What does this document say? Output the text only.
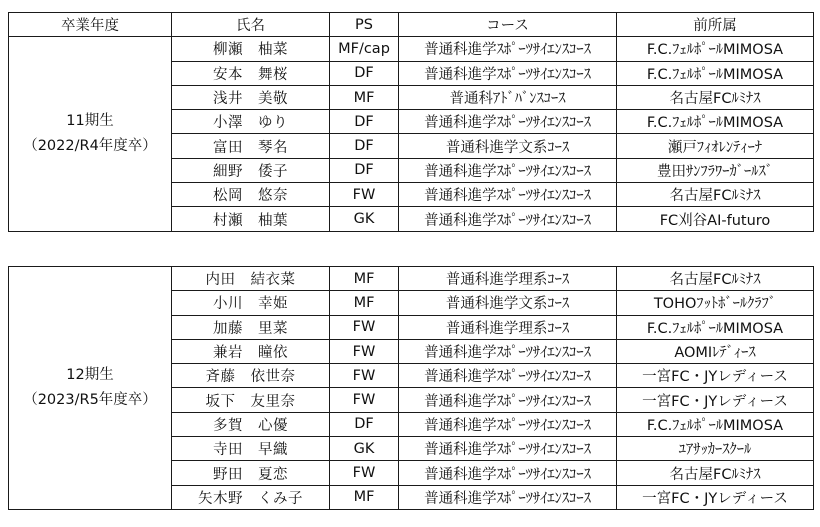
卒業年度	氏名	PS	コース	前所属

11期生
（2022/R4年度卒）	柳瀬　柚菜	MF/cap	普通科進学ｽﾎﾟｰﾂｻｲｴﾝｽｺｰｽ	F.C.ﾌｪﾙﾎﾟｰﾙMIMOSA
	安本　舞桜	DF	普通科進学ｽﾎﾟｰﾂｻｲｴﾝｽｺｰｽ	F.C.ﾌｪﾙﾎﾟｰﾙMIMOSA
	浅井　美敬	MF	普通科ｱﾄﾞﾊﾞﾝｽｺｰｽ	名古屋FCﾙﾐﾅｽ
	小澤　ゆり	DF	普通科進学ｽﾎﾟｰﾂｻｲｴﾝｽｺｰｽ	F.C.ﾌｪﾙﾎﾟｰﾙMIMOSA
	富田　琴名	DF	普通科進学文系ｺｰｽ	瀬戸ﾌｨｵﾚﾝﾃｨｰﾅ
	細野　倭子	DF	普通科進学ｽﾎﾟｰﾂｻｲｴﾝｽｺｰｽ	豊田ｻﾝﾌﾗﾜｰｶﾞｰﾙｽﾞ
	松岡　悠奈	FW	普通科進学ｽﾎﾟｰﾂｻｲｴﾝｽｺｰｽ	名古屋FCﾙﾐﾅｽ
	村瀬　柚葉	GK	普通科進学ｽﾎﾟｰﾂｻｲｴﾝｽｺｰｽ	FC刈谷AI-futuro
12期生
（2023/R5年度卒）	内田　結衣菜	MF	普通科進学理系ｺｰｽ	名古屋FCﾙﾐﾅｽ
	小川　幸姫	MF	普通科進学文系ｺｰｽ	TOHOﾌｯﾄﾎﾞｰﾙｸﾗﾌﾞ
	加藤　里菜	FW	普通科進学理系ｺｰｽ	F.C.ﾌｪﾙﾎﾟｰﾙMIMOSA
	兼岩　瞳依	FW	普通科進学ｽﾎﾟｰﾂｻｲｴﾝｽｺｰｽ	AOMIﾚﾃﾞｨｰｽ
	斉藤　依世奈	FW	普通科進学ｽﾎﾟｰﾂｻｲｴﾝｽｺｰｽ	一宮FC・JYレディース
	坂下　友里奈	FW	普通科進学ｽﾎﾟｰﾂｻｲｴﾝｽｺｰｽ	一宮FC・JYレディース
	多賀　心優	DF	普通科進学ｽﾎﾟｰﾂｻｲｴﾝｽｺｰｽ	F.C.ﾌｪﾙﾎﾟｰﾙMIMOSA
	寺田　早織	GK	普通科進学ｽﾎﾟｰﾂｻｲｴﾝｽｺｰｽ	ﾕｱｻｯｶｰｽｸｰﾙ
	野田　夏恋	FW	普通科進学ｽﾎﾟｰﾂｻｲｴﾝｽｺｰｽ	名古屋FCﾙﾐﾅｽ
	矢木野　くみ子	MF	普通科進学ｽﾎﾟｰﾂｻｲｴﾝｽｺｰｽ	一宮FC・JYレディース
